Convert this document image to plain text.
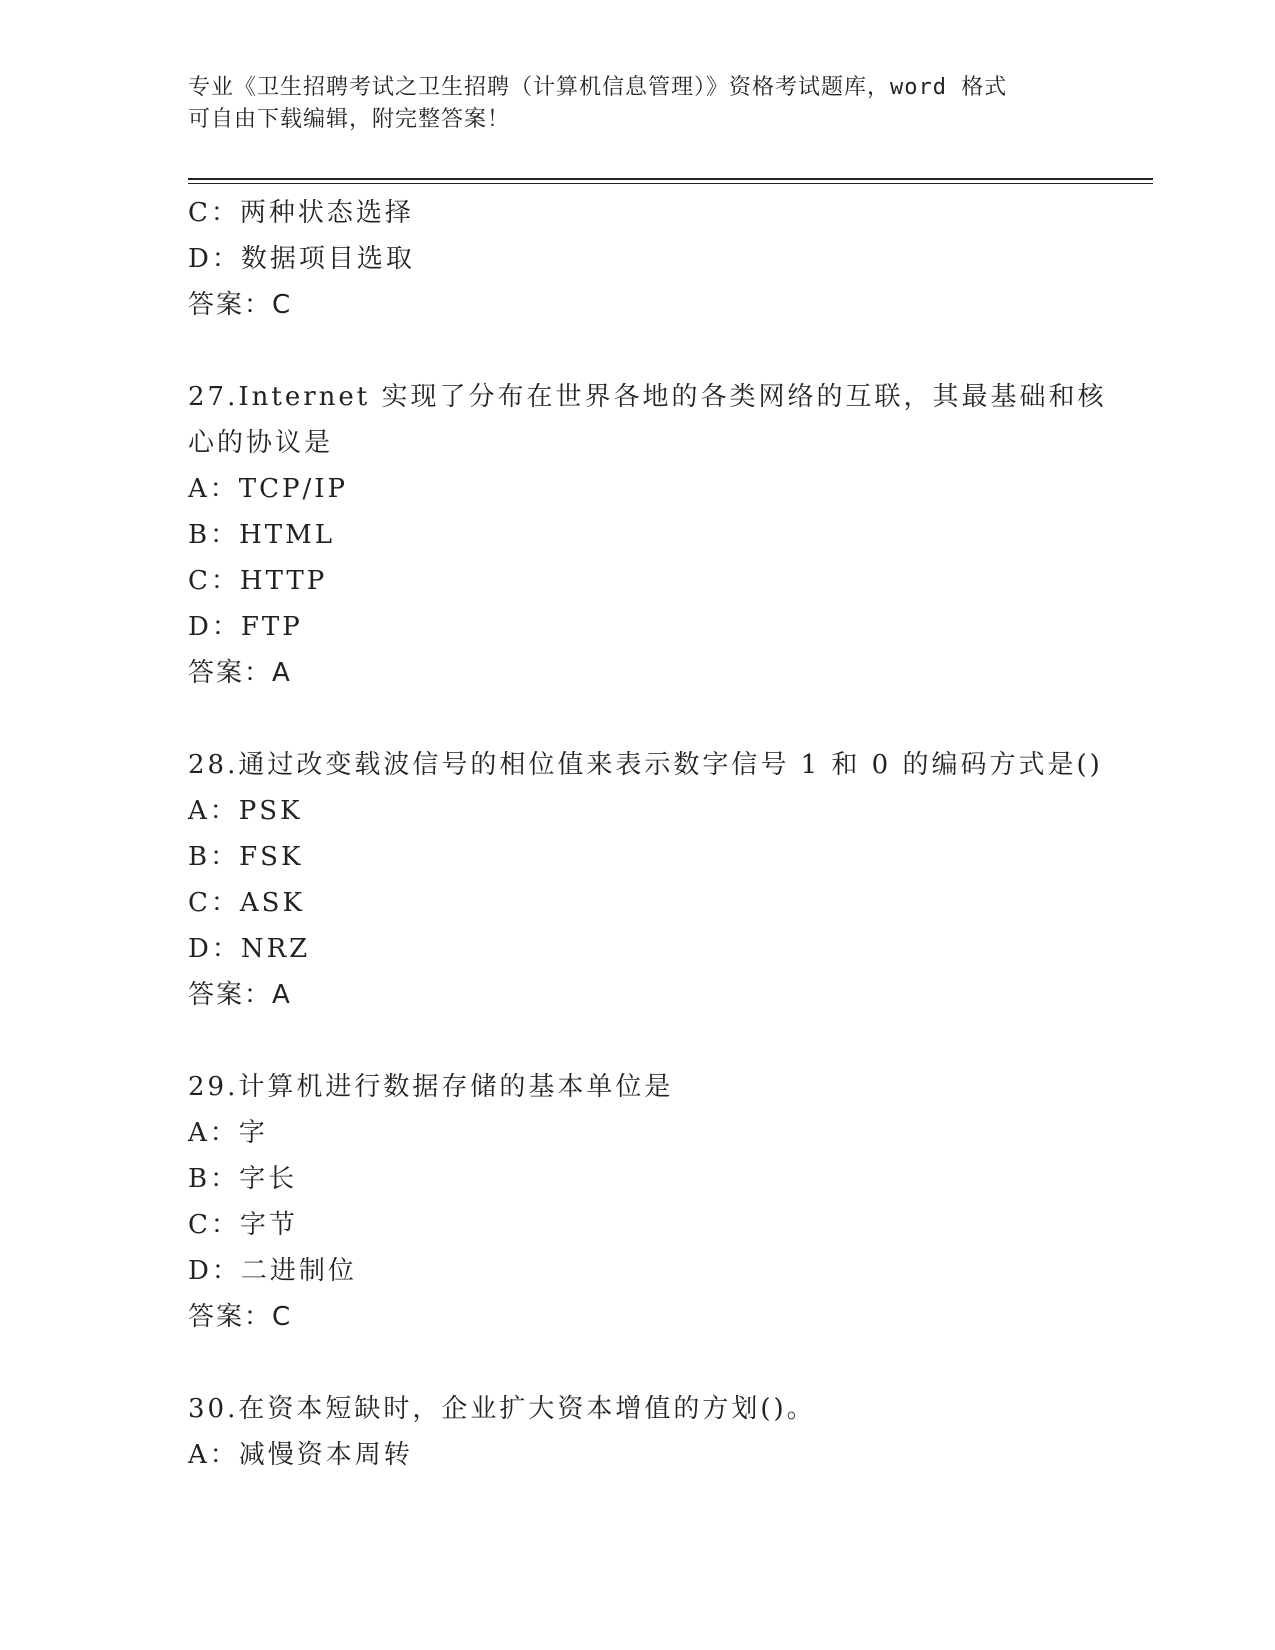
专业《卫生招聘考试之卫生招聘（计算机信息管理）》资格考试题库，word 格式
可自由下载编辑，附完整答案！
C：两种状态选择
D：数据项目选取
答案：C
27.Internet 实现了分布在世界各地的各类网络的互联，其最基础和核
心的协议是
A：TCP/IP
B：HTML
C：HTTP
D：FTP
答案：A
28.通过改变载波信号的相位值来表示数字信号 1 和 0 的编码方式是()
A：PSK
B：FSK
C：ASK
D：NRZ
答案：A
29.计算机进行数据存储的基本单位是
A：字
B：字长
C：字节
D：二进制位
答案：C
30.在资本短缺时，企业扩大资本增值的方划()。
A：减慢资本周转
